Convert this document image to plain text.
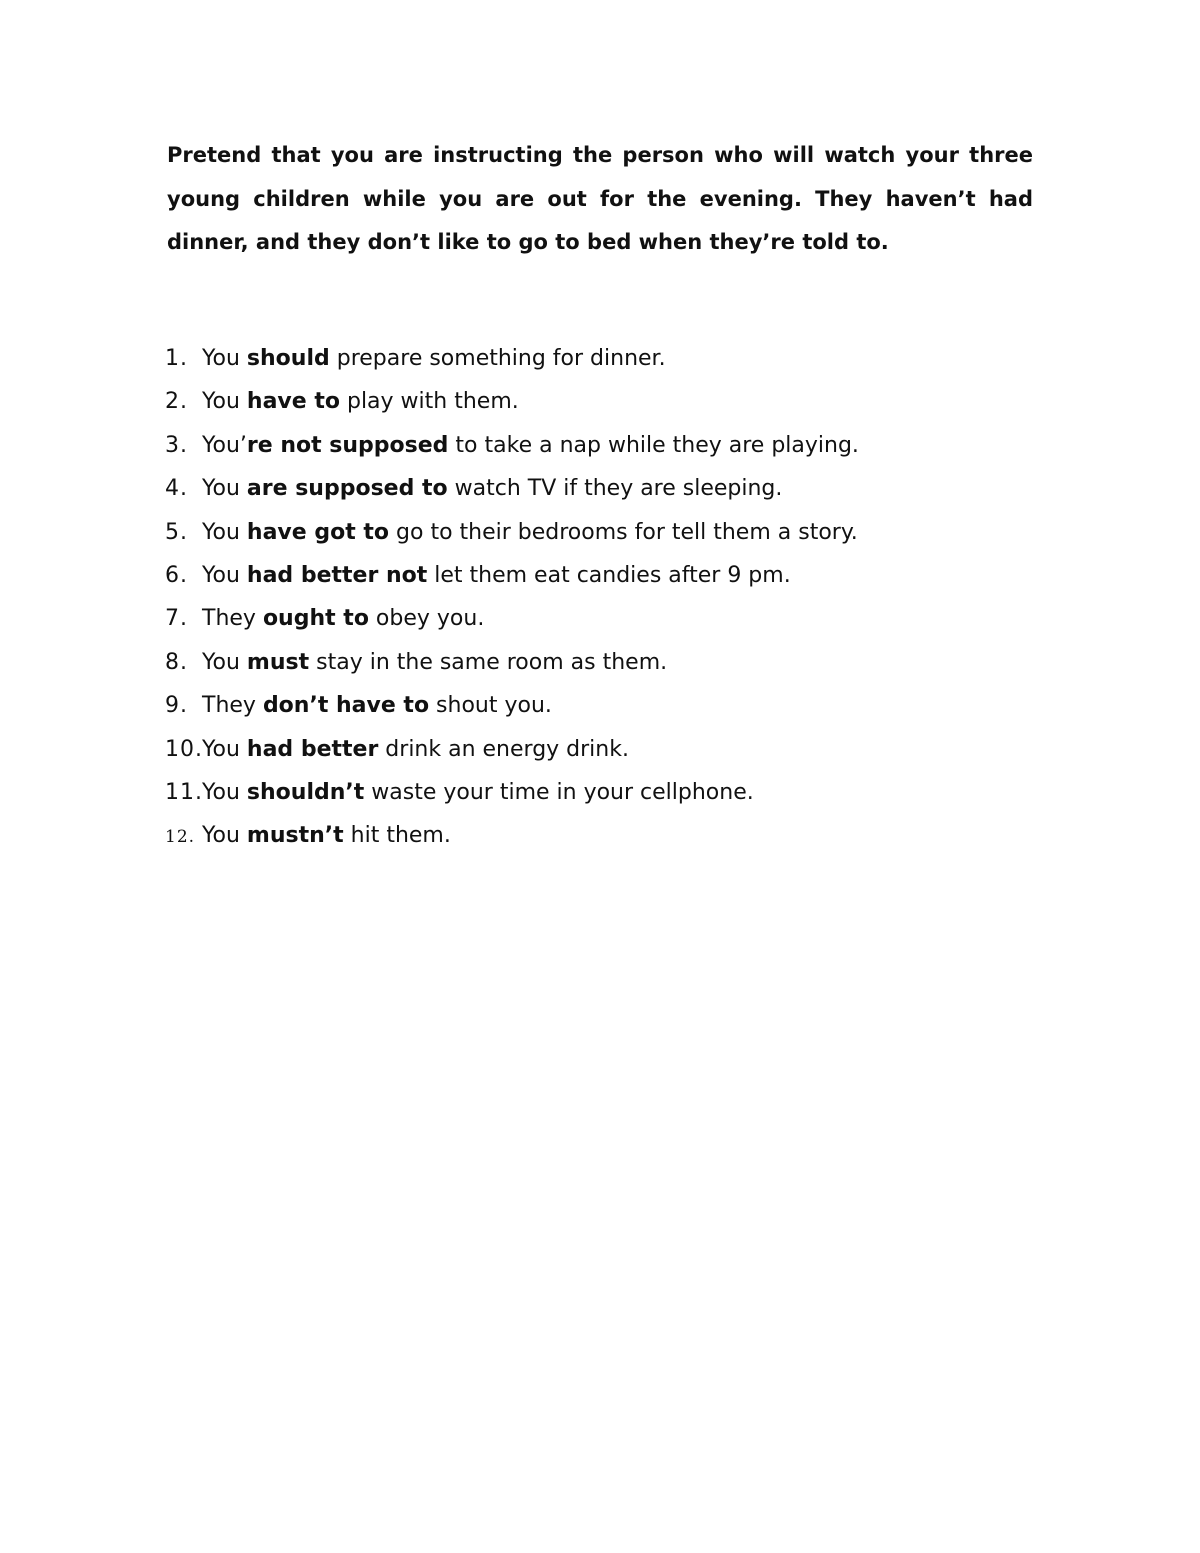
Pretend that you are instructing the person who will watch your three young children while you are out for the evening. They haven’t had dinner, and they don’t like to go to bed when they’re told to.

1. You should prepare something for dinner.
2. You have to play with them.
3. You’re not supposed to take a nap while they are playing.
4. You are supposed to watch TV if they are sleeping.
5. You have got to go to their bedrooms for tell them a story.
6. You had better not let them eat candies after 9 pm.
7. They ought to obey you.
8. You must stay in the same room as them.
9. They don’t have to shout you.
10. You had better drink an energy drink.
11. You shouldn’t waste your time in your cellphone.
12. You mustn’t hit them.
